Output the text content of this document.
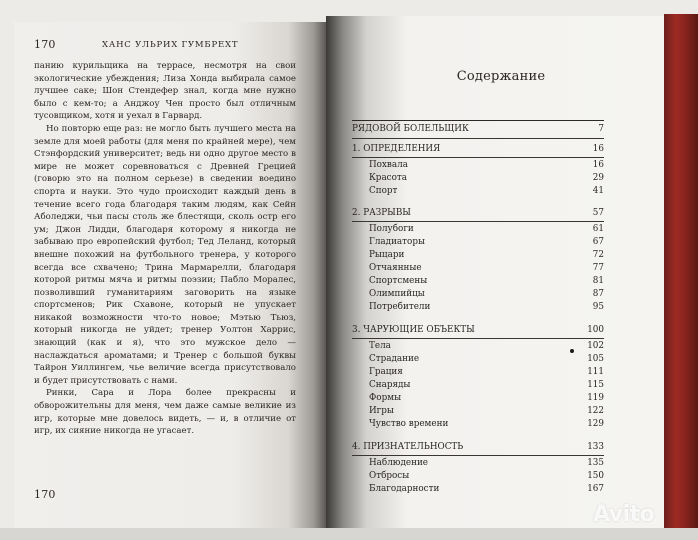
170	ХАНС УЛЬРИХ ГУМБРЕХТ

панию курильщика на террасе, несмотря на свои экологические убеждения; Лиза Хонда выбирала самое лучшее саке; Шон Стендефер знал, когда мне нужно было с кем-то; а Анджоу Чен просто был отличным тусовщиком, хотя и уехал в Гарвард.

Но повторю еще раз: не могло быть лучшего места на земле для моей работы (для меня по крайней мере), чем Стэнфордский университет; ведь ни одно другое место в мире не может соревноваться с Древней Грецией (говорю это на полном серьезе) в сведении воедино спорта и науки. Это чудо происходит каждый день в течение всего года благодаря таким людям, как Сейн Аболеджи, чьи пасы столь же блестящи, сколь остр его ум; Джон Лидди, благодаря которому я никогда не забываю про европейский футбол; Тед Леланд, который внешне похожий на футбольного тренера, у которого всегда все схвачено; Трина Мармарелли, благодаря которой ритмы мяча и ритмы поэзии; Пабло Моралес, позволивший гуманитариям заговорить на языке спортсменов; Рик Схавоне, который не упускает никакой возможности что-то новое; Мэтью Тьюз, который никогда не уйдет; тренер Уолтон Харрис, знающий (как и я), что это мужское дело — наслаждаться ароматами; и Тренер с большой буквы Тайрон Уиллингем, чье величие всегда присутствовало и будет присутствовать с нами.

Ринки, Сара и Лора более прекрасны и обворожительны для меня, чем даже самые великие из игр, которые мне довелось видеть, — и, в отличие от игр, их сияние никогда не угасает.

170
Содержание
РЯДОВОЙ БОЛЕЛЬЩИК	7
1. ОПРЕДЕЛЕНИЯ	16
Похвала	16
Красота	29
Спорт	41
2. РАЗРЫВЫ	57
Полубоги	61
Гладиаторы	67
Рыцари	72
Отчаянные	77
Спортсмены	81
Олимпийцы	87
Потребители	95
3. ЧАРУЮЩИЕ ОБЪЕКТЫ	100
Тела	102
Страдание	105
Грация	111
Снаряды	115
Формы	119
Игры	122
Чувство времени	129
4. ПРИЗНАТЕЛЬНОСТЬ	133
Наблюдение	135
Отбросы	150
Благодарности	167
Avito
